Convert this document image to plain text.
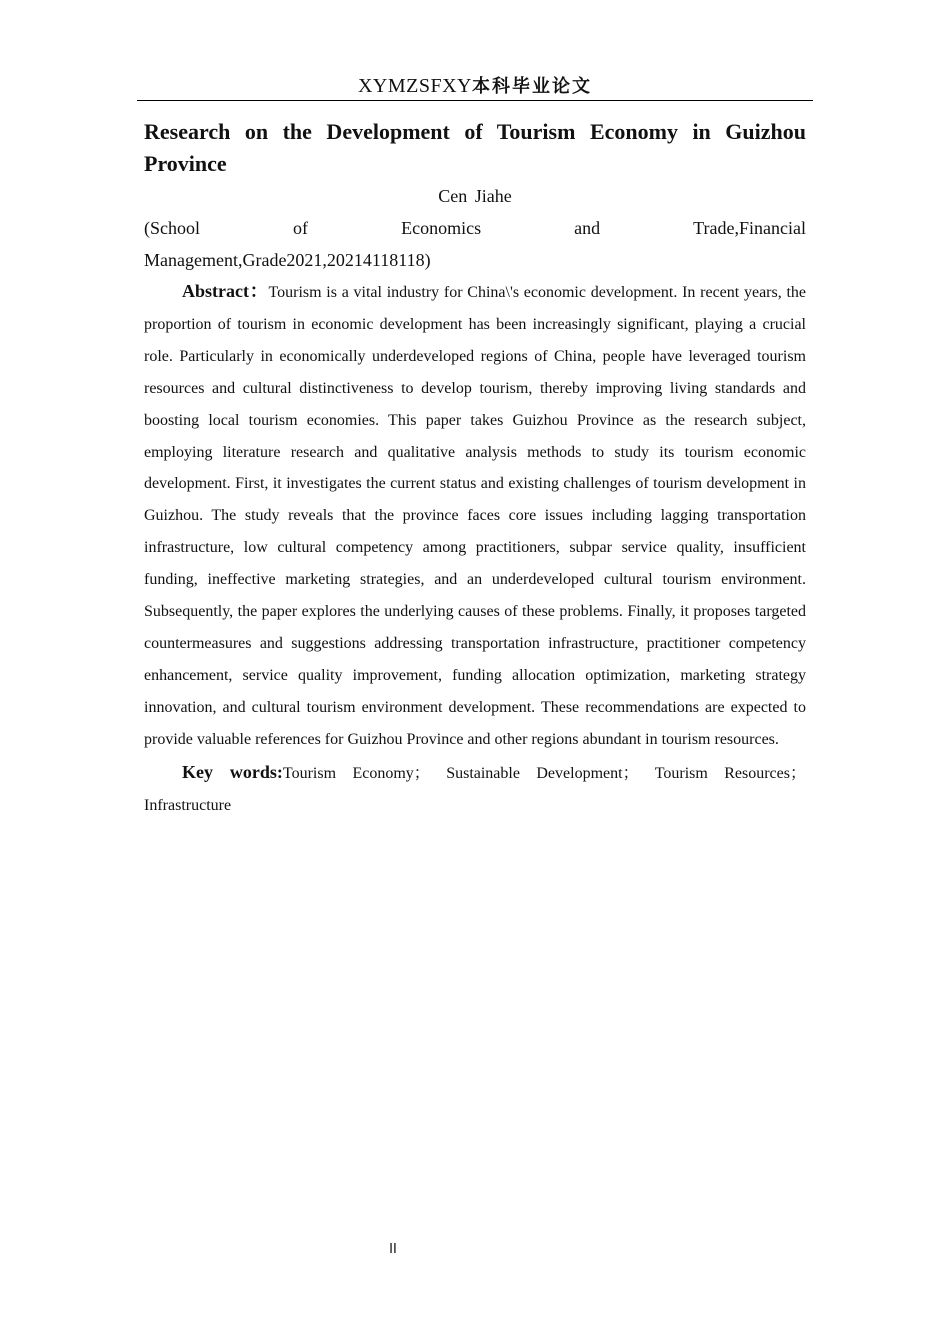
XYMZSFXY本科毕业论文
Research on the Development of Tourism Economy in Guizhou Province

Cen Jiahe

(School	of	Economics	and	Trade,Financial
Management,Grade2021,20214118118)

Abstract：Tourism is a vital industry for China\'s economic development. In recent years, the proportion of tourism in economic development has been increasingly significant, playing a crucial role. Particularly in economically underdeveloped regions of China, people have leveraged tourism resources and cultural distinctiveness to develop tourism, thereby improving living standards and boosting local tourism economies. This paper takes Guizhou Province as the research subject, employing literature research and qualitative analysis methods to study its tourism economic development. First, it investigates the current status and existing challenges of tourism development in Guizhou. The study reveals that the province faces core issues including lagging transportation infrastructure, low cultural competency among practitioners, subpar service quality, insufficient funding, ineffective marketing strategies, and an underdeveloped cultural tourism environment. Subsequently, the paper explores the underlying causes of these problems. Finally, it proposes targeted countermeasures and suggestions addressing transportation infrastructure, practitioner competency enhancement, service quality improvement, funding allocation optimization, marketing strategy innovation, and cultural tourism environment development. These recommendations are expected to provide valuable references for Guizhou Province and other regions abundant in tourism resources.

Key words:Tourism Economy； Sustainable Development； Tourism Resources；Infrastructure

II
